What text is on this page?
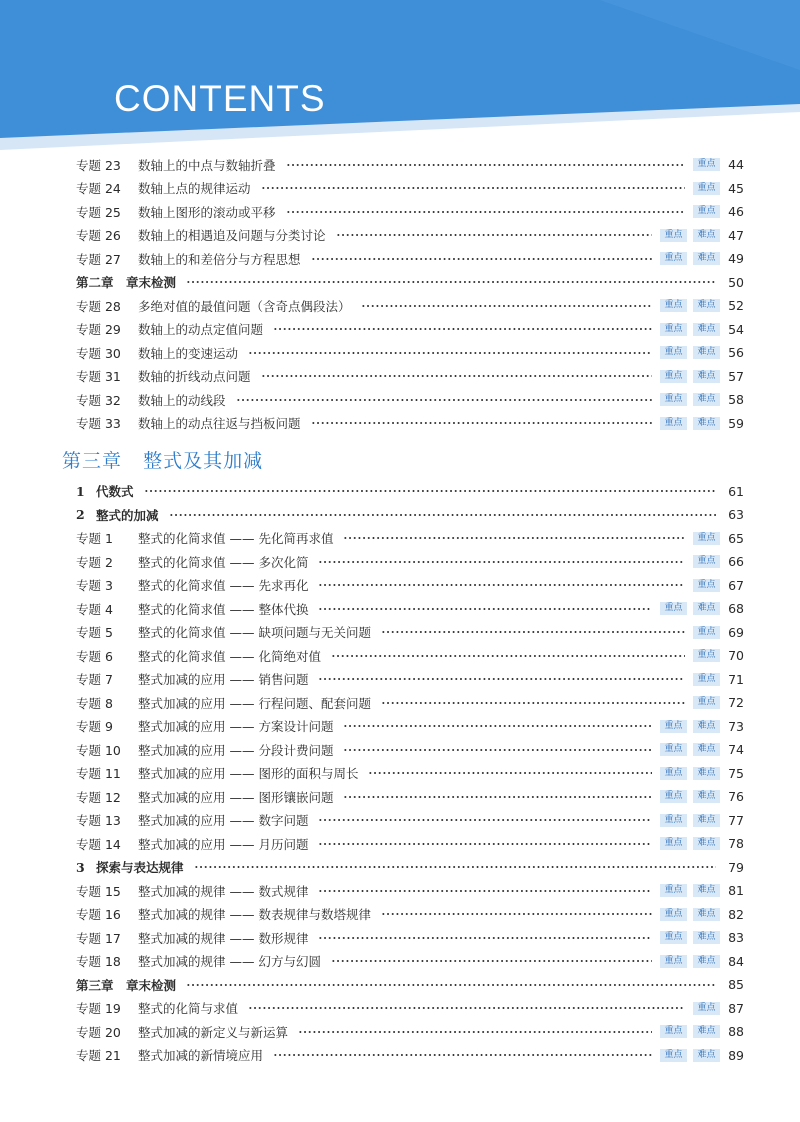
CONTENTS
第三章 整式及其加减
专题 23	数轴上的中点与数轴折叠	重点	44
专题 24	数轴上点的规律运动	重点	45
专题 25	数轴上图形的滚动或平移	重点	46
专题 26	数轴上的相遇追及问题与分类讨论	重点	难点	47
专题 27	数轴上的和差倍分与方程思想	重点	难点	49
第二章　章末检测	50
专题 28	多绝对值的最值问题（含奇点偶段法）	重点	难点	52
专题 29	数轴上的动点定值问题	重点	难点	54
专题 30	数轴上的变速运动	重点	难点	56
专题 31	数轴的折线动点问题	重点	难点	57
专题 32	数轴上的动线段	重点	难点	58
专题 33	数轴上的动点往返与挡板问题	重点	难点	59
1 代数式	61
2 整式的加减	63
专题 1	整式的化简求值 —— 先化简再求值	重点	65
专题 2	整式的化简求值 —— 多次化简	重点	66
专题 3	整式的化简求值 —— 先求再化	重点	67
专题 4	整式的化简求值 —— 整体代换	重点	难点	68
专题 5	整式的化简求值 —— 缺项问题与无关问题	重点	69
专题 6	整式的化简求值 —— 化简绝对值	重点	70
专题 7	整式加减的应用 —— 销售问题	重点	71
专题 8	整式加减的应用 —— 行程问题、配套问题	重点	72
专题 9	整式加减的应用 —— 方案设计问题	重点	难点	73
专题 10	整式加减的应用 —— 分段计费问题	重点	难点	74
专题 11	整式加减的应用 —— 图形的面积与周长	重点	难点	75
专题 12	整式加减的应用 —— 图形镶嵌问题	重点	难点	76
专题 13	整式加减的应用 —— 数字问题	重点	难点	77
专题 14	整式加减的应用 —— 月历问题	重点	难点	78
3 探索与表达规律	79
专题 15	整式加减的规律 —— 数式规律	重点	难点	81
专题 16	整式加减的规律 —— 数表规律与数塔规律	重点	难点	82
专题 17	整式加减的规律 —— 数形规律	重点	难点	83
专题 18	整式加减的规律 —— 幻方与幻圆	重点	难点	84
第三章　章末检测	85
专题 19	整式的化简与求值	重点	87
专题 20	整式加减的新定义与新运算	重点	难点	88
专题 21	整式加减的新情境应用	重点	难点	89
